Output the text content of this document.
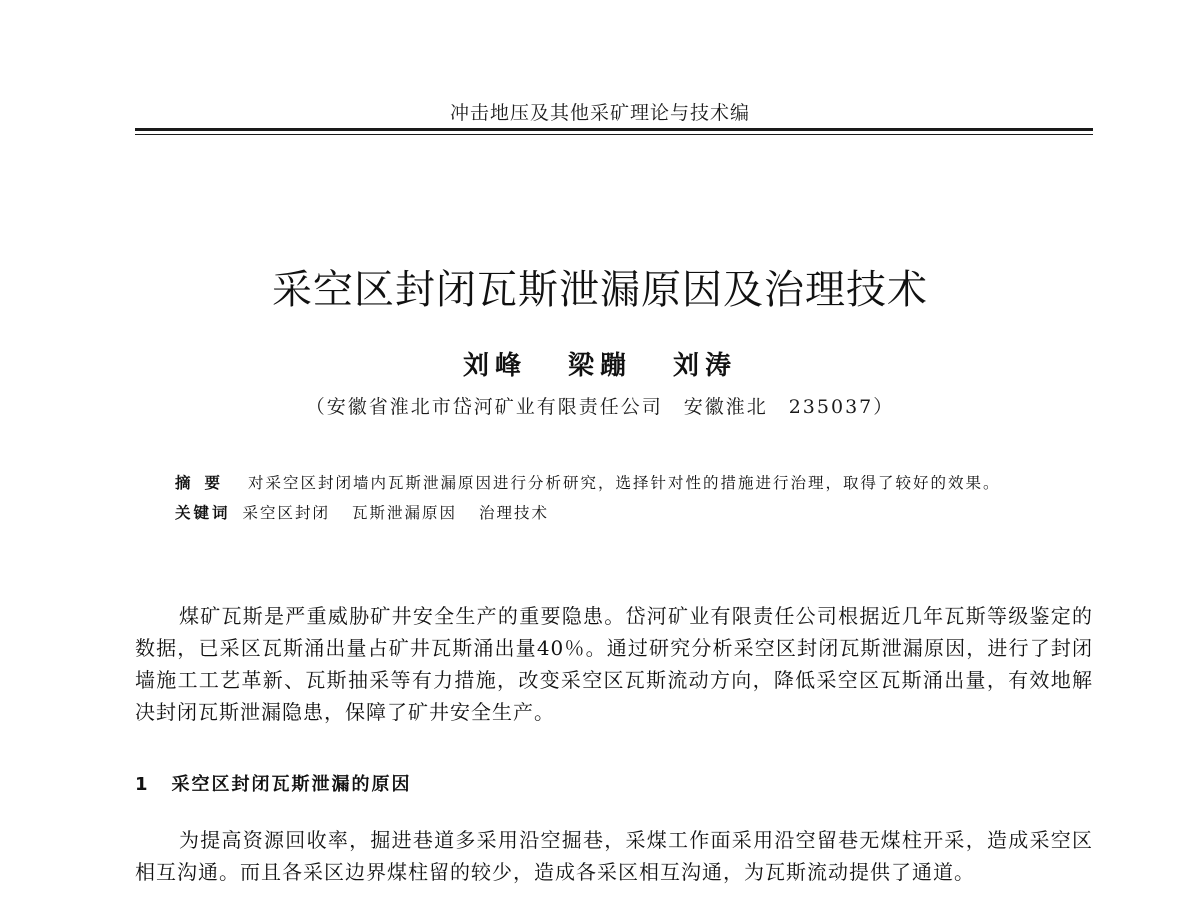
冲击地压及其他采矿理论与技术编
采空区封闭瓦斯泄漏原因及治理技术
刘峰 梁蹦 刘涛
（安徽省淮北市岱河矿业有限责任公司　安徽淮北　235037）

摘要 对采空区封闭墙内瓦斯泄漏原因进行分析研究，选择针对性的措施进行治理，取得了较好的效果。

关键词 采空区封闭 瓦斯泄漏原因 治理技术

煤矿瓦斯是严重威胁矿井安全生产的重要隐患。岱河矿业有限责任公司根据近几年瓦斯等级鉴定的数据，已采区瓦斯涌出量占矿井瓦斯涌出量40％。通过研究分析采空区封闭瓦斯泄漏原因，进行了封闭墙施工工艺革新、瓦斯抽采等有力措施，改变采空区瓦斯流动方向，降低采空区瓦斯涌出量，有效地解决封闭瓦斯泄漏隐患，保障了矿井安全生产。

1 采空区封闭瓦斯泄漏的原因

为提高资源回收率，掘进巷道多采用沿空掘巷，采煤工作面采用沿空留巷无煤柱开采，造成采空区相互沟通。而且各采区边界煤柱留的较少，造成各采区相互沟通，为瓦斯流动提供了通道。
